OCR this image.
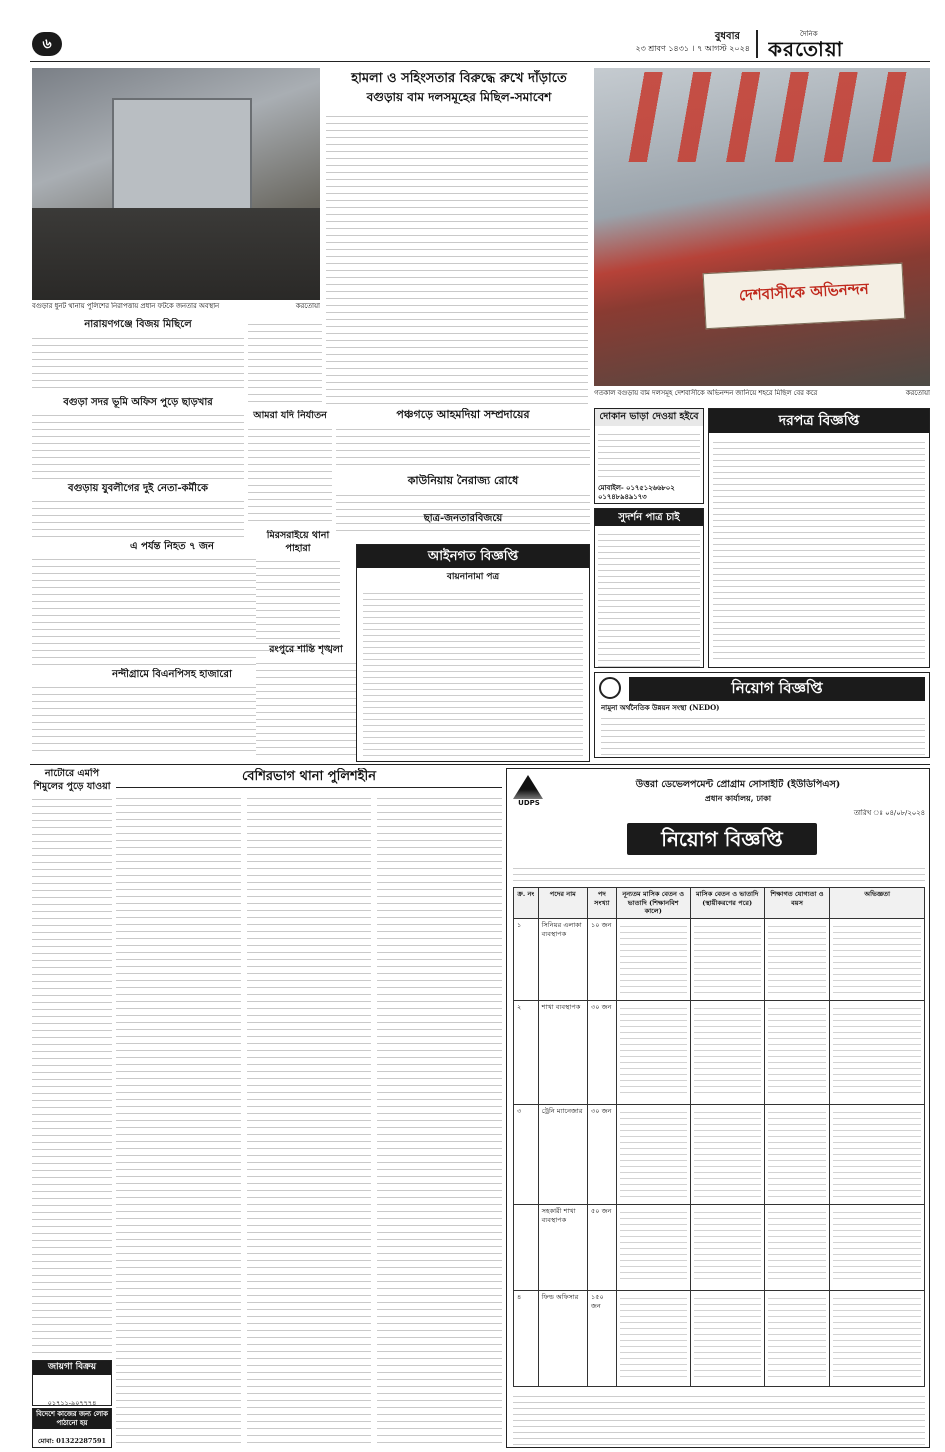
৬	বুধবার
২৩ শ্রাবণ ১৪৩১ । ৭ আগস্ট ২০২৪
দৈনিক
করতোয়া
বগুড়ার ধুনট থানায় পুলিশের নিরাপত্তায় প্রধান ফটকে জনতার অবস্থান	করতোয়া
হামলা ও সহিংসতার বিরুদ্ধে রুখে দাঁড়াতে
বগুড়ায় বাম দলসমূহের মিছিল-সমাবেশ
দেশবাসীকে অভিনন্দন
গতকাল বগুড়ায় বাম দলসমূহ দেশবাসীকে অভিনন্দন জানিয়ে শহরে মিছিল বের করে	করতোয়া
নারায়ণগঞ্জে বিজয় মিছিলে
বগুড়া সদর ভূমি অফিস পুড়ে ছাড়খার
বগুড়ায় যুবলীগের দুই নেতা-কর্মীকে
এ পর্যন্ত নিহত ৭ জন
নন্দীগ্রামে বিএনপিসহ হাজারো
আমরা যদি নির্যাতন
মিরসরাইয়ে থানা পাহারা
রংপুরে শান্তি শৃঙ্খলা
পঞ্চগড়ে আহমদিয়া সম্প্রদায়ের
কাউনিয়ায় নৈরাজ্য রোধে
ছাত্র-জনতারবিজয়ে
আইনগত বিজ্ঞপ্তি
বায়নানামা পত্র
দোকান ভাড়া দেওয়া হইবে
মোবাইল- ০১৭৫১২৬৬৮০২ ০১৭৪৮৯৪৯১৭৩
সুদর্শন পাত্র চাই
দরপত্র বিজ্ঞপ্তি
নিয়োগ বিজ্ঞপ্তি
নামুনা অর্থনৈতিক উন্নয়ন সংস্থা (NEDO)
নাটোরে এমপি শিমুলের পুড়ে যাওয়া
বেশিরভাগ থানা পুলিশহীন
জায়গা বিক্রয়
০১৭১১-৯০৭৭৭৪
বিদেশে কাজের জন্য লোক পাঠানো হয়
মোবা: 01322287591
UDPS
উত্তরা ডেভেলপমেন্ট প্রোগ্রাম সোসাইটি (ইউডিপিএস)
প্রধান কার্যালয়, ঢাকা
তারিখ ঃ ০৪/০৮/২০২৪
নিয়োগ বিজ্ঞপ্তি
ক্র. নং	পদের নাম	পদ সংখ্যা	নূন্যতম মাসিক বেতন ও ভাতাদি (শিক্ষানবিশ কালে)	মাসিক বেতন ও ভাতাদি (স্থায়ীকরণের পরে)	শিক্ষাগত যোগ্যতা ও বয়স	অভিজ্ঞতা
১	সিনিয়র এলাকা ব্যবস্থাপক	১০ জন	

২	শাখা ব্যবস্থাপক	৩০ জন	

৩	ট্রেনি ম্যানেজার	৩০ জন	

	সহকারী শাখা ব্যবস্থাপক	৫০ জন	

৪	ফিল্ড অফিসার	১৫০ জন	
